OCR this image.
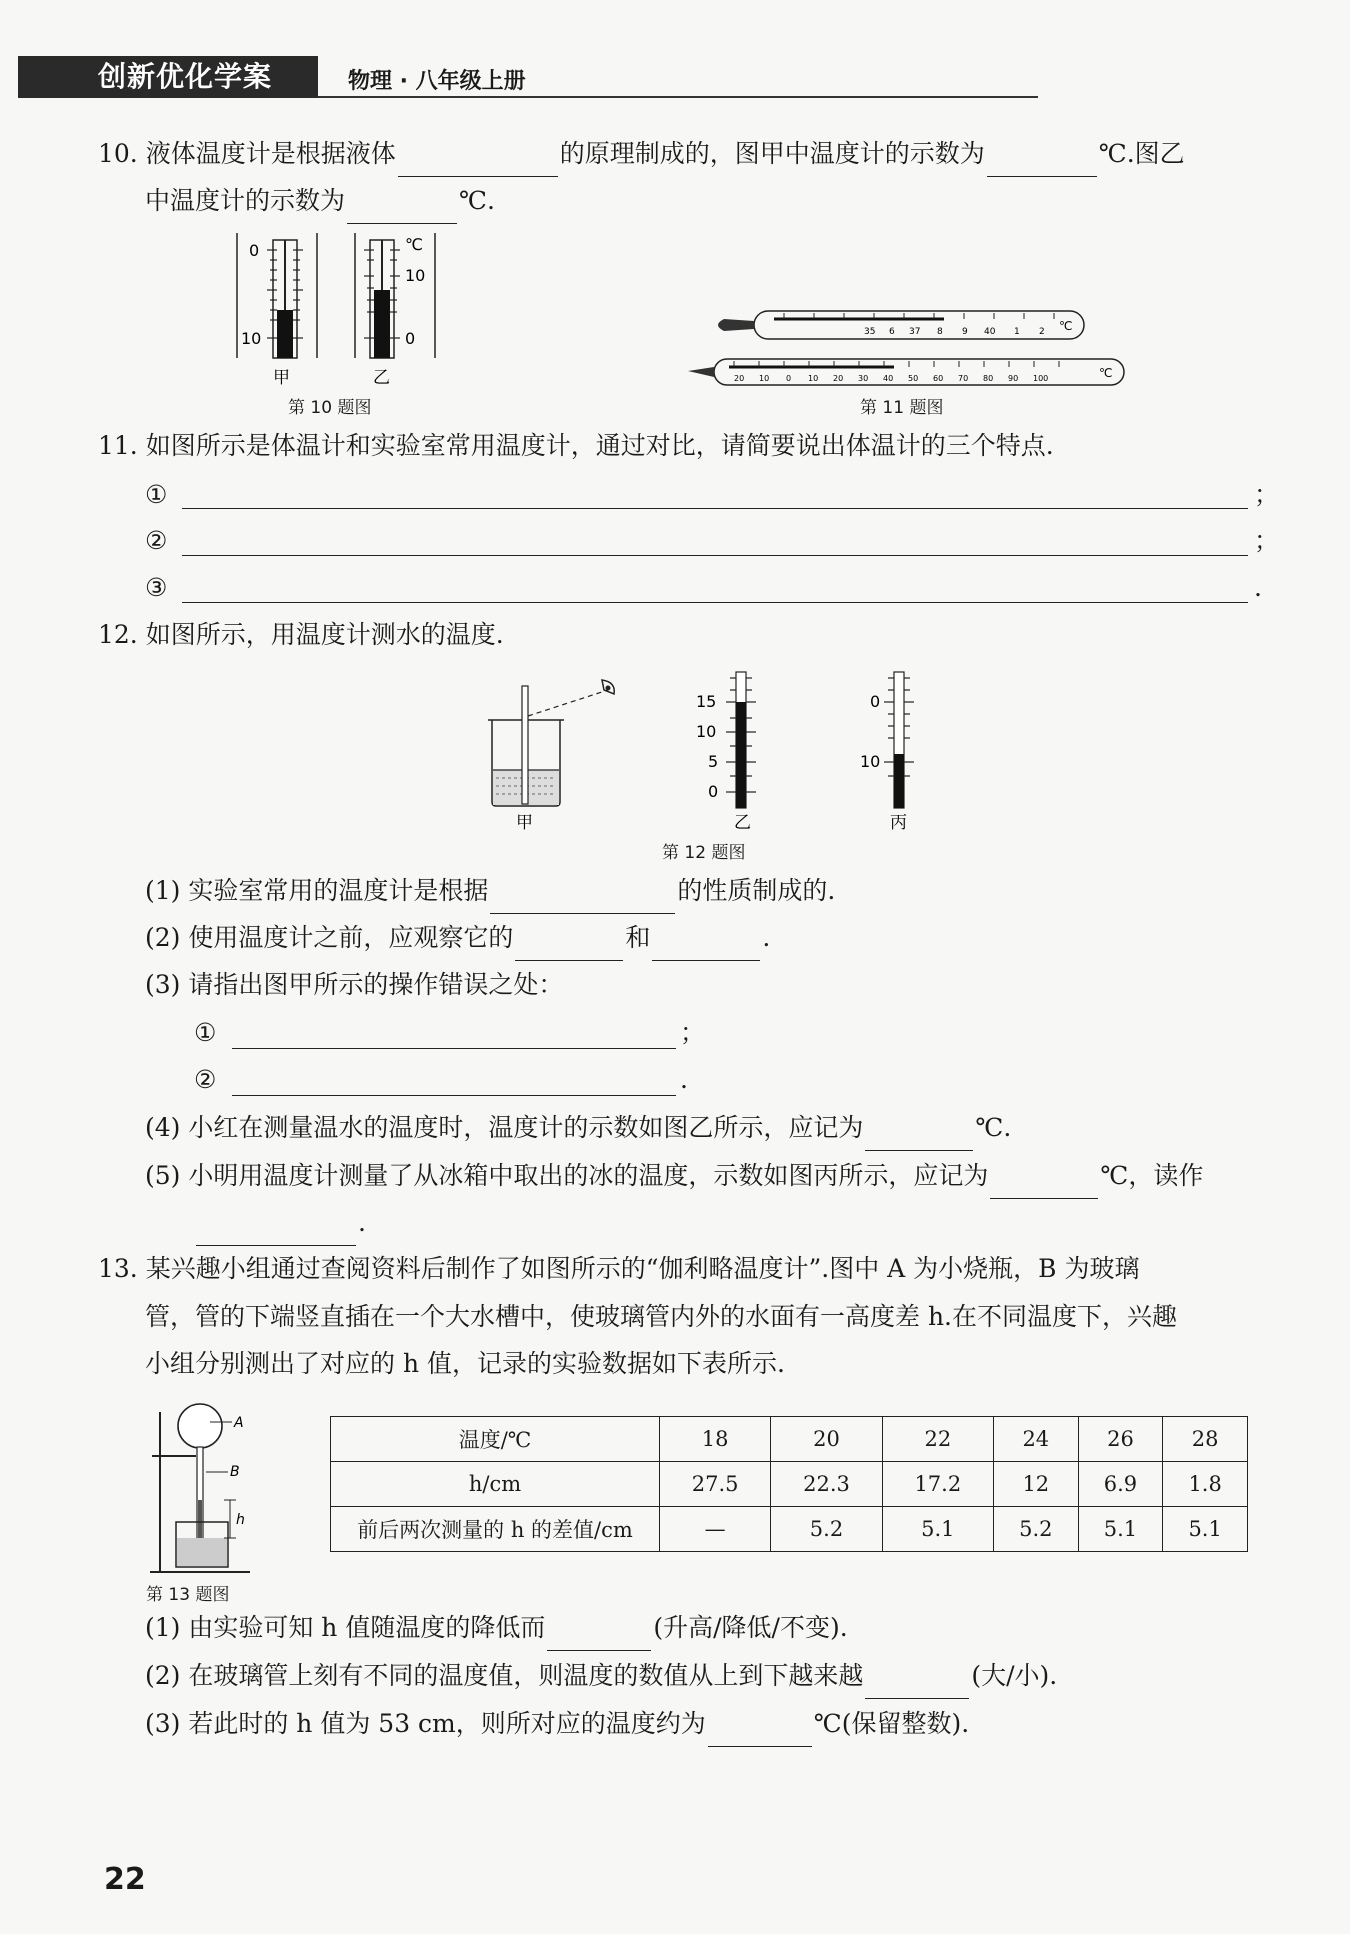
创新优化学案	物理 · 八年级上册
10. 液体温度计是根据液体	的原理制成的，图甲中温度计的示数为	℃.图乙
中温度计的示数为	℃.
0
10
℃
10
0
甲	乙
第 10 题图
℃
35 6 37 8 9 40 1 2
℃
20 10 0 10 20 30 40 50 60 70 80 90 100
第 11 题图
11. 如图所示是体温计和实验室常用温度计，通过对比，请简要说出体温计的三个特点.
①	；
②	；
③	.
12. 如图所示，用温度计测水的温度.
甲
15
10
5
0
乙
0
10
丙
第 12 题图
(1) 实验室常用的温度计是根据	的性质制成的.
(2) 使用温度计之前，应观察它的	和	.
(3) 请指出图甲所示的操作错误之处：
①	；
②	.
(4) 小红在测量温水的温度时，温度计的示数如图乙所示，应记为	℃.
(5) 小明用温度计测量了从冰箱中取出的冰的温度，示数如图丙所示，应记为	℃，读作
.
13. 某兴趣小组通过查阅资料后制作了如图所示的“伽利略温度计”.图中 A 为小烧瓶，B 为玻璃
管，管的下端竖直插在一个大水槽中，使玻璃管内外的水面有一高度差 h.在不同温度下，兴趣
小组分别测出了对应的 h 值，记录的实验数据如下表所示.
A
B
h
第 13 题图
温度/℃	18	20	22	24	26	28
h/cm	27.5	22.3	17.2	12	6.9	1.8
前后两次测量的 h 的差值/cm	—	5.2	5.1	5.2	5.1	5.1
(1) 由实验可知 h 值随温度的降低而	(升高/降低/不变).
(2) 在玻璃管上刻有不同的温度值，则温度的数值从上到下越来越	(大/小).
(3) 若此时的 h 值为 53 cm，则所对应的温度约为	℃(保留整数).
22
